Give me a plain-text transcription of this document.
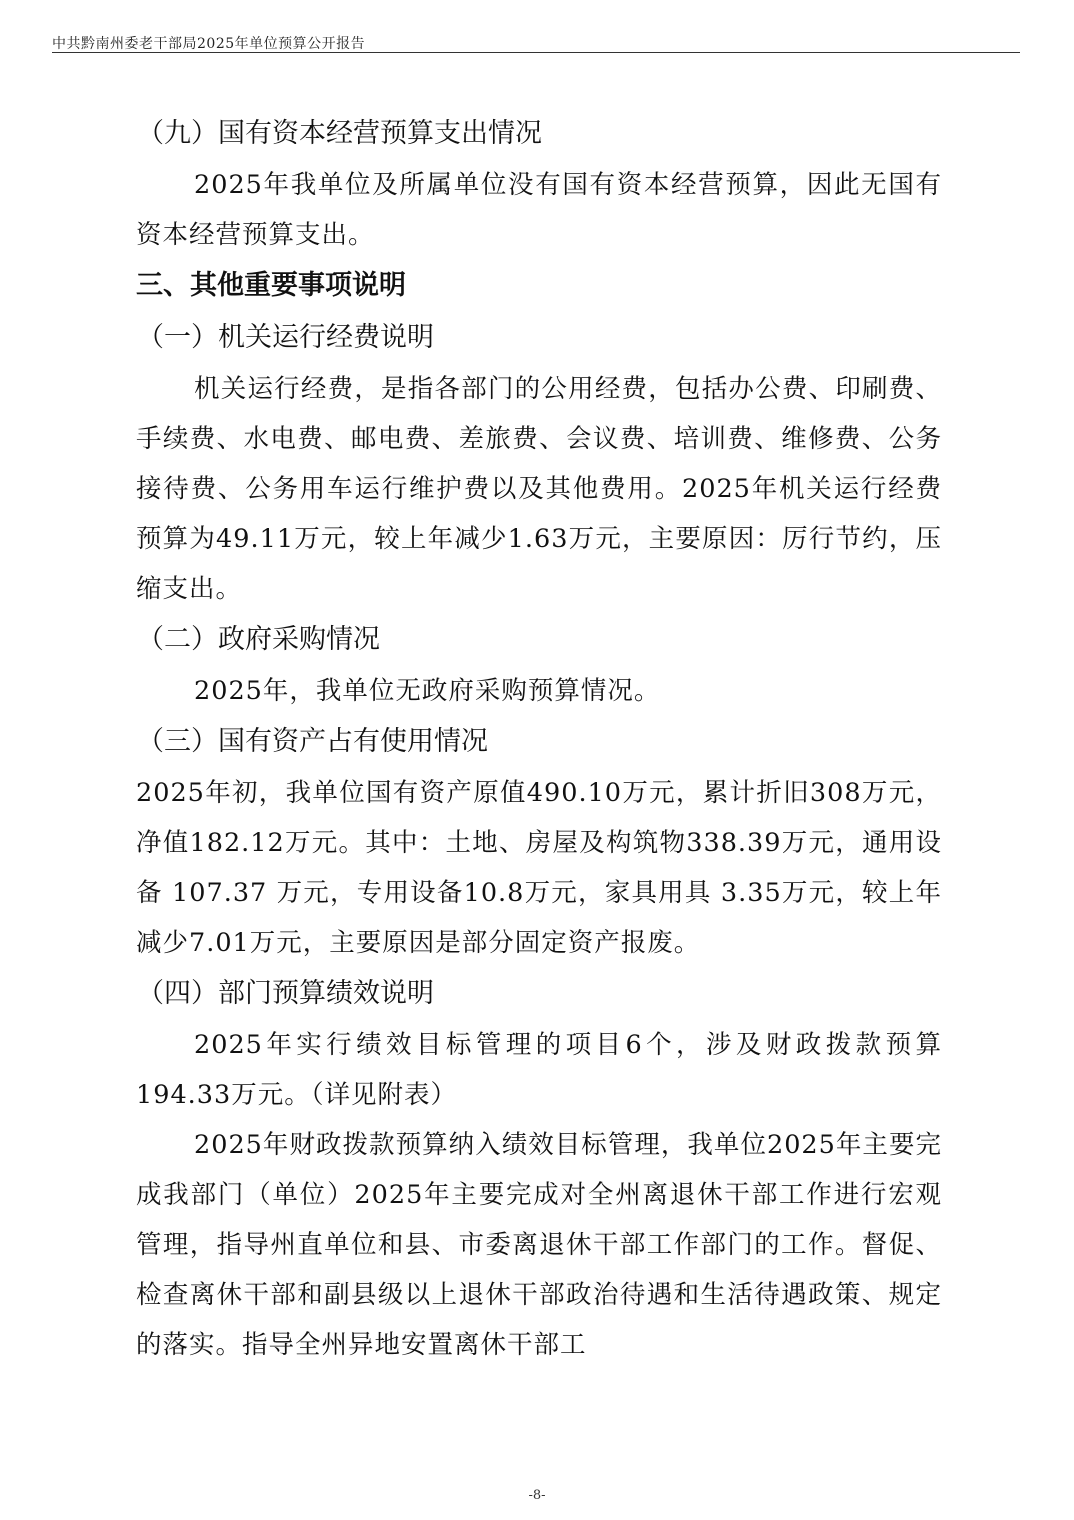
中共黔南州委老干部局2025年单位预算公开报告
（九）国有资本经营预算支出情况

2025年我单位及所属单位没有国有资本经营预算，因此无国有资本经营预算支出。

三、其他重要事项说明
（一）机关运行经费说明

机关运行经费，是指各部门的公用经费，包括办公费、印刷费、手续费、水电费、邮电费、差旅费、会议费、培训费、维修费、公务接待费、公务用车运行维护费以及其他费用。2025年机关运行经费预算为49.11万元，较上年减少1.63万元，主要原因：厉行节约，压缩支出。

（二）政府采购情况

2025年，我单位无政府采购预算情况。

（三）国有资产占有使用情况

2025年初，我单位国有资产原值490.10万元，累计折旧308万元，净值182.12万元。其中：土地、房屋及构筑物338.39万元，通用设备 107.37 万元，专用设备10.8万元，家具用具 3.35万元，较上年减少7.01万元，主要原因是部分固定资产报废。

（四）部门预算绩效说明

2025年实行绩效目标管理的项目6个，涉及财政拨款预算194.33万元。（详见附表）

2025年财政拨款预算纳入绩效目标管理，我单位2025年主要完成我部门（单位）2025年主要完成对全州离退休干部工作进行宏观管理，指导州直单位和县、市委离退休干部工作部门的工作。督促、检查离休干部和副县级以上退休干部政治待遇和生活待遇政策、规定的落实。指导全州异地安置离休干部工

-8-
